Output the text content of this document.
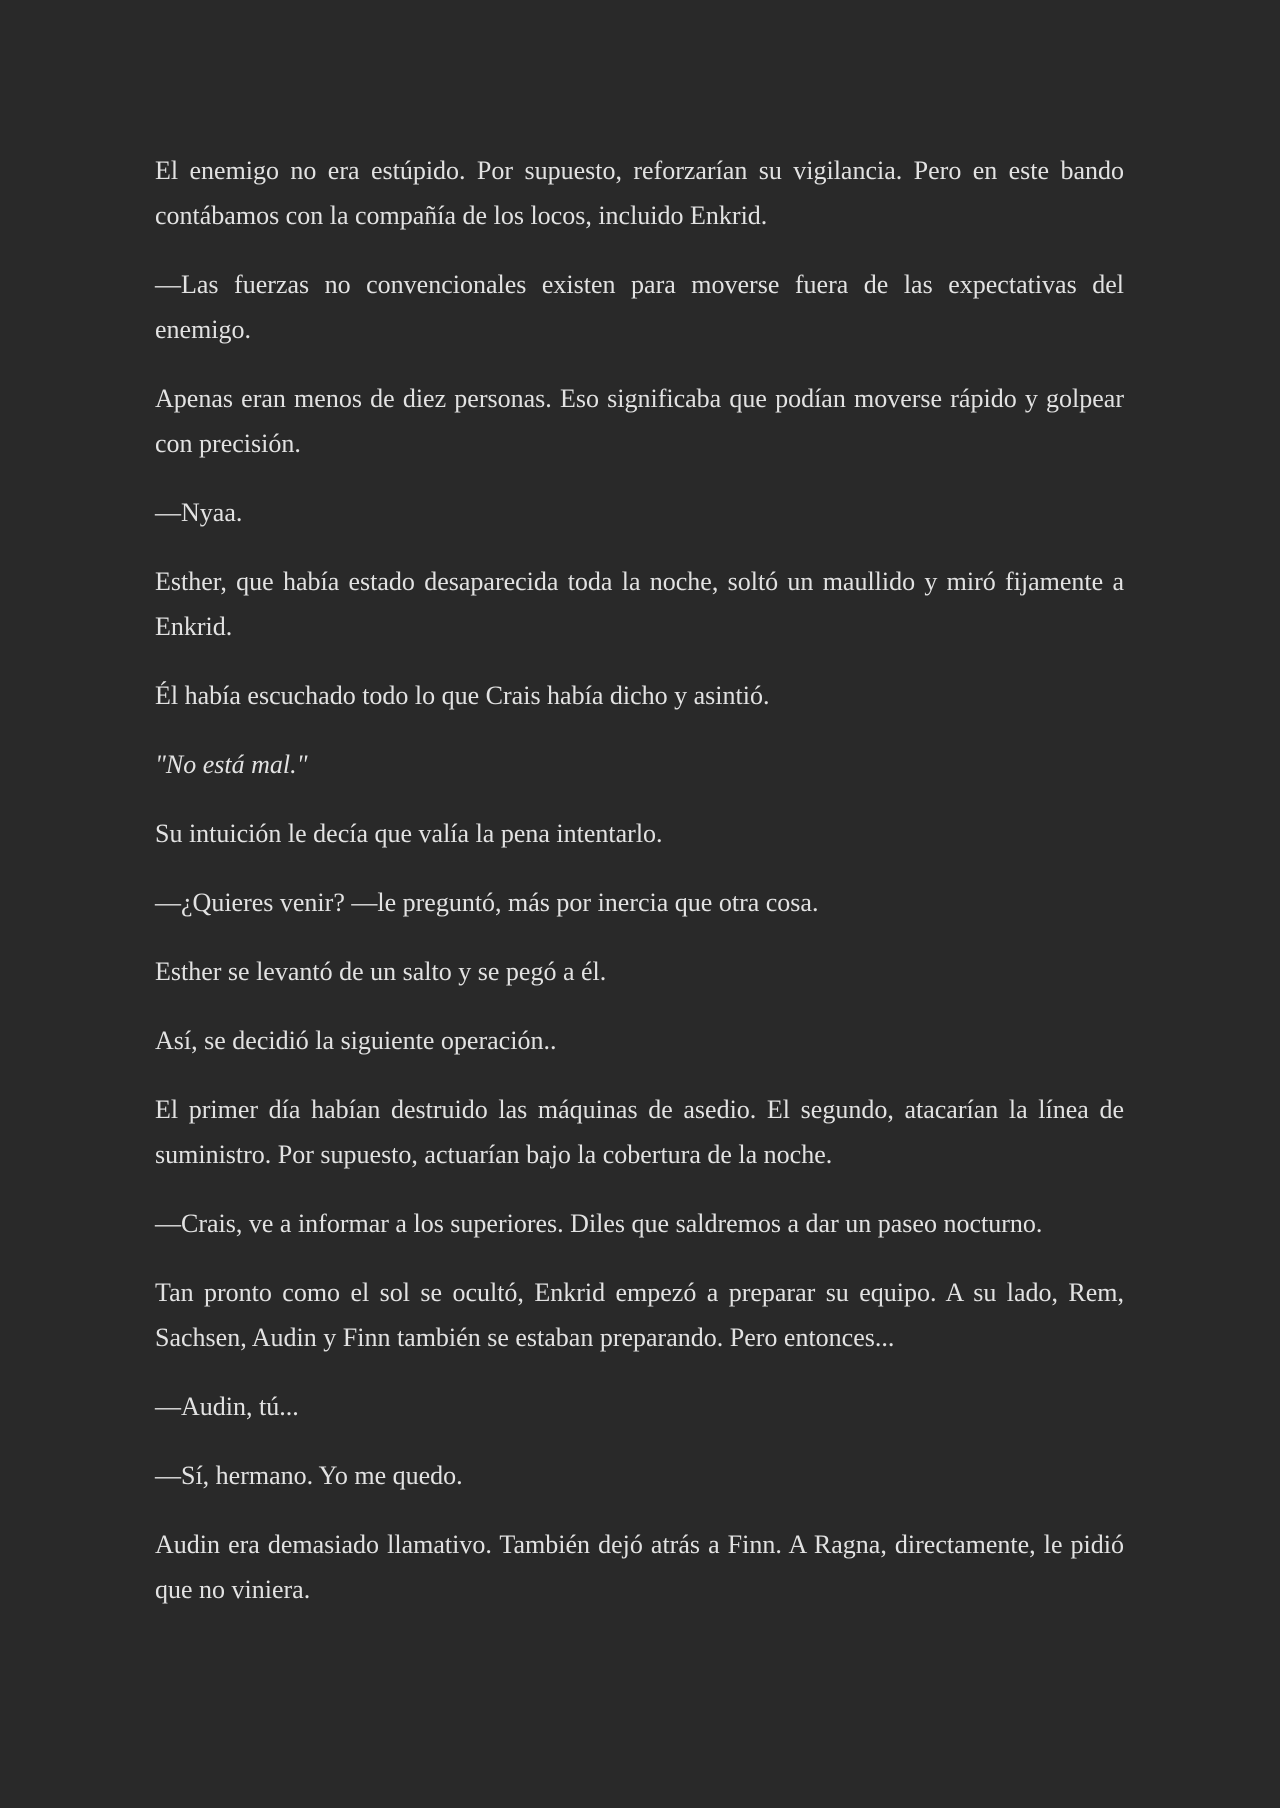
El enemigo no era estúpido. Por supuesto, reforzarían su vigilancia. Pero en este bando contábamos con la compañía de los locos, incluido Enkrid.

—Las fuerzas no convencionales existen para moverse fuera de las expectativas del enemigo.

Apenas eran menos de diez personas. Eso significaba que podían moverse rápido y golpear con precisión.

—Nyaa.

Esther, que había estado desaparecida toda la noche, soltó un maullido y miró fijamente a Enkrid.

Él había escuchado todo lo que Crais había dicho y asintió.

"No está mal."

Su intuición le decía que valía la pena intentarlo.

—¿Quieres venir? —le preguntó, más por inercia que otra cosa.

Esther se levantó de un salto y se pegó a él.

Así, se decidió la siguiente operación..

El primer día habían destruido las máquinas de asedio. El segundo, atacarían la línea de suministro. Por supuesto, actuarían bajo la cobertura de la noche.

—Crais, ve a informar a los superiores. Diles que saldremos a dar un paseo nocturno.

Tan pronto como el sol se ocultó, Enkrid empezó a preparar su equipo. A su lado, Rem, Sachsen, Audin y Finn también se estaban preparando. Pero entonces...

—Audin, tú...

—Sí, hermano. Yo me quedo.

Audin era demasiado llamativo. También dejó atrás a Finn. A Ragna, directamente, le pidió que no viniera.
